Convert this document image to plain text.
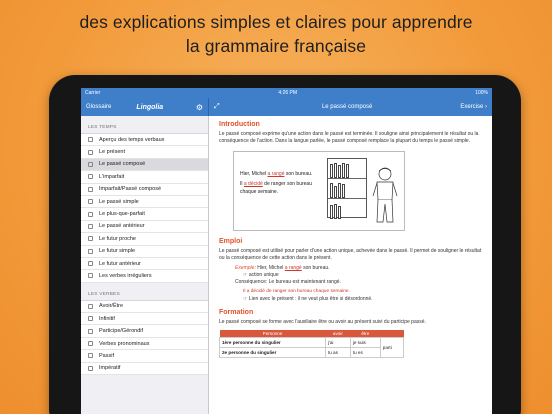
des explications simples et claires pour apprendre
la grammaire française
Carrier	4:26 PM	100%
Glossaire	Lingolia	⚙ ⤢	Le passé composé	Exercise ›
LES TEMPS
Aperçu des temps verbaux
Le présent
Le passé composé
L'imparfait
Imparfait/Passé composé
Le passé simple
Le plus-que-parfait
Le passé antérieur
Le futur proche
Le futur simple
Le futur antérieur
Les verbes irréguliers
LES VERBES
Avoir/Être
Infinitif
Participe/Gérondif
Verbes pronominaux
Passif
Impératif
Introduction
Le passé composé exprime qu'une action dans le passé est terminée. Il souligne ainsi principalement le résultat ou la conséquence de l'action. Dans la langue parlée, le passé composé remplace la plupart du temps le passé simple.
Hier, Michel a rangé son bureau.
Il a décidé de ranger son bureau chaque semaine.
Emploi
Le passé composé est utilisé pour parler d'une action unique, achevée dans le passé. Il permet de souligner le résultat ou la conséquence de cette action dans le présent.
Exemple: Hier, Michel a rangé son bureau.
☞ action unique
Conséquence: Le bureau est maintenant rangé.
Il a décidé de ranger son bureau chaque semaine.
☞ Lien avec le présent : il ne veut plus être si désordonné.
Formation
Le passé composé se forme avec l'auxiliaire être ou avoir au présent suivi du participe passé.
Personne	avoir	être	
1ère personne du singulier	j'ai	je suis	parti
2e personne du singulier	tu as	tu es	
